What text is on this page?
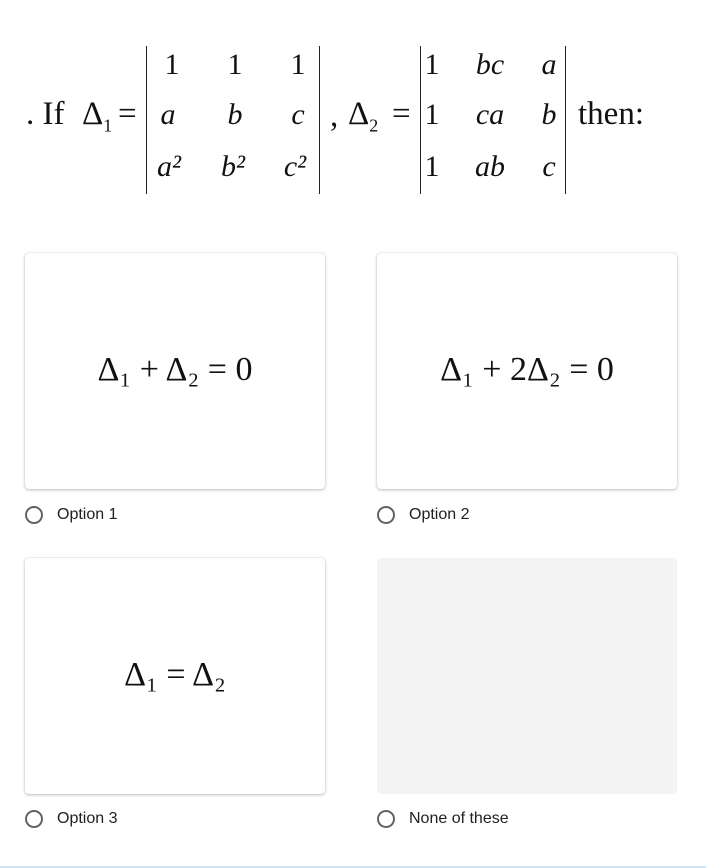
. If $\Delta_1$ =
1 1 1
a b c
a² b² c²
, $\Delta_2$ =
1	bc	a
1	ca	b
1	ab	c
then:
Δ₁ + Δ₂ = 0
Option 1
Δ₁ + 2Δ₂ = 0
Option 2
Δ₁ = Δ₂
Option 3	None of these
